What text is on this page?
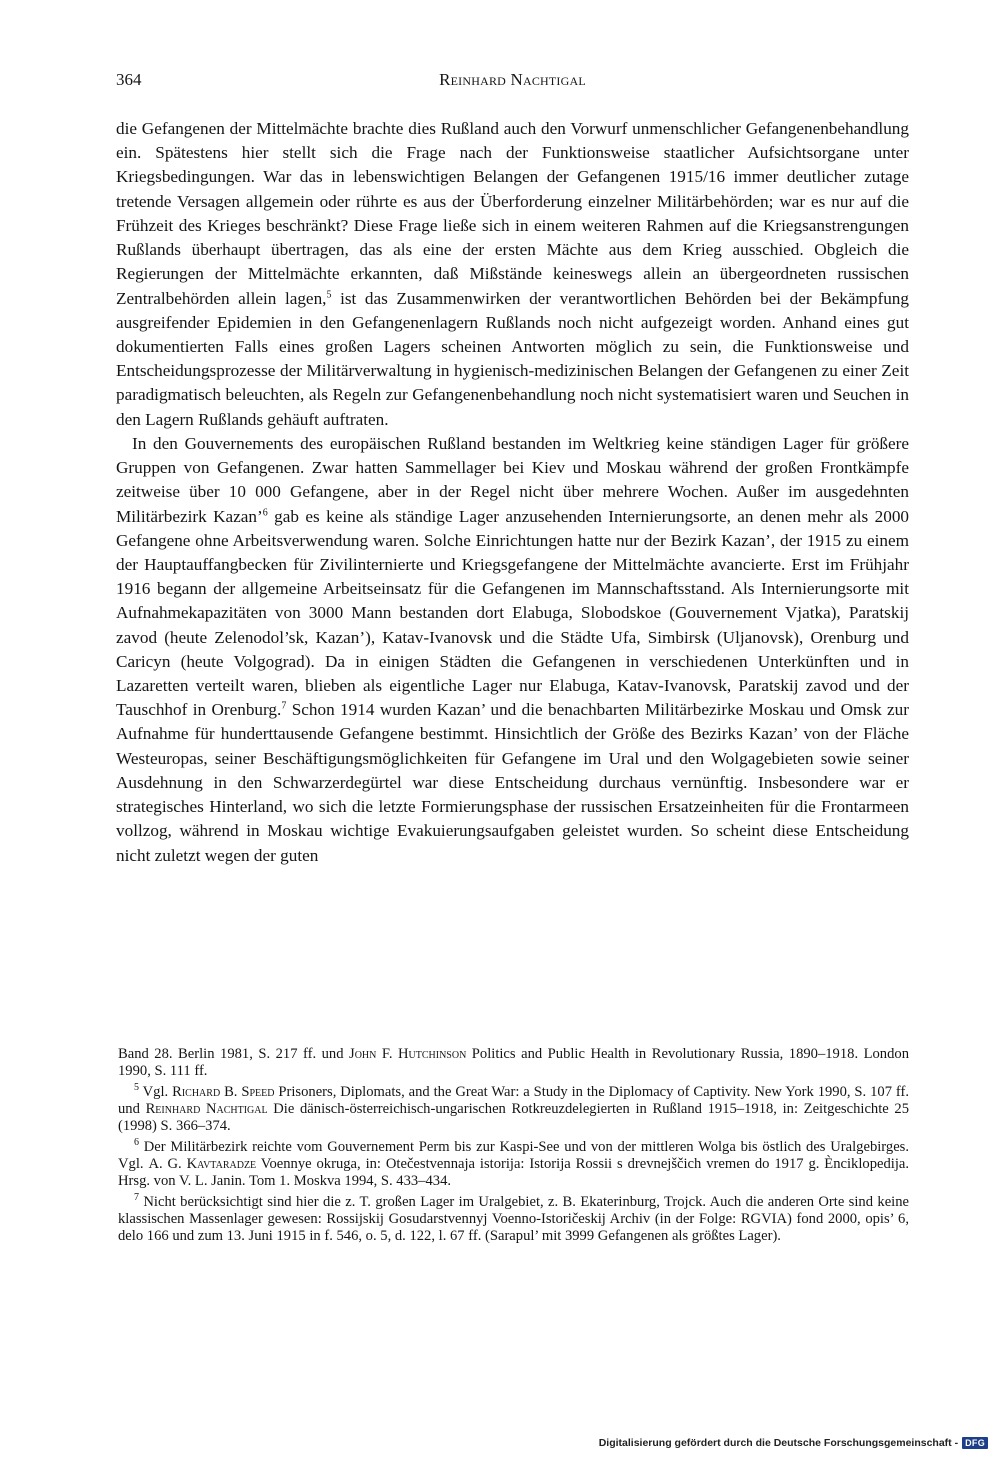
364	Reinhard Nachtigal

die Gefangenen der Mittelmächte brachte dies Rußland auch den Vorwurf unmenschlicher Gefangenenbehandlung ein. Spätestens hier stellt sich die Frage nach der Funktionsweise staatlicher Aufsichtsorgane unter Kriegsbedingungen. War das in lebenswichtigen Belangen der Gefangenen 1915/16 immer deutlicher zutage tretende Versagen allgemein oder rührte es aus der Überforderung einzelner Militärbehörden; war es nur auf die Frühzeit des Krieges beschränkt? Diese Frage ließe sich in einem weiteren Rahmen auf die Kriegsanstrengungen Rußlands überhaupt übertragen, das als eine der ersten Mächte aus dem Krieg ausschied. Obgleich die Regierungen der Mittelmächte erkannten, daß Mißstände keineswegs allein an übergeordneten russischen Zentralbehörden allein lagen,$^5$ ist das Zusammenwirken der verantwortlichen Behörden bei der Bekämpfung ausgreifender Epidemien in den Gefangenenlagern Rußlands noch nicht aufgezeigt worden. Anhand eines gut dokumentierten Falls eines großen Lagers scheinen Antworten möglich zu sein, die Funktionsweise und Entscheidungsprozesse der Militärverwaltung in hygienisch-medizinischen Belangen der Gefangenen zu einer Zeit paradigmatisch beleuchten, als Regeln zur Gefangenenbehandlung noch nicht systematisiert waren und Seuchen in den Lagern Rußlands gehäuft auftraten.

In den Gouvernements des europäischen Rußland bestanden im Weltkrieg keine ständigen Lager für größere Gruppen von Gefangenen. Zwar hatten Sammellager bei Kiev und Moskau während der großen Frontkämpfe zeitweise über 10 000 Gefangene, aber in der Regel nicht über mehrere Wochen. Außer im ausgedehnten Militärbezirk Kazan’$^6$ gab es keine als ständige Lager anzusehenden Internierungsorte, an denen mehr als 2000 Gefangene ohne Arbeitsverwendung waren. Solche Einrichtungen hatte nur der Bezirk Kazan’, der 1915 zu einem der Hauptauffangbecken für Zivilinternierte und Kriegsgefangene der Mittelmächte avancierte. Erst im Frühjahr 1916 begann der allgemeine Arbeitseinsatz für die Gefangenen im Mannschaftsstand. Als Internierungsorte mit Aufnahmekapazitäten von 3000 Mann bestanden dort Elabuga, Slobodskoe (Gouvernement Vjatka), Paratskij zavod (heute Zelenodol’sk, Kazan’), Katav-Ivanovsk und die Städte Ufa, Simbirsk (Uljanovsk), Orenburg und Caricyn (heute Volgograd). Da in einigen Städten die Gefangenen in verschiedenen Unterkünften und in Lazaretten verteilt waren, blieben als eigentliche Lager nur Elabuga, Katav-Ivanovsk, Paratskij zavod und der Tauschhof in Orenburg.$^7$ Schon 1914 wurden Kazan’ und die benachbarten Militärbezirke Moskau und Omsk zur Aufnahme für hunderttausende Gefangene bestimmt. Hinsichtlich der Größe des Bezirks Kazan’ von der Fläche Westeuropas, seiner Beschäftigungsmöglichkeiten für Gefangene im Ural und den Wolgagebieten sowie seiner Ausdehnung in den Schwarzerdegürtel war diese Entscheidung durchaus vernünftig. Insbesondere war er strategisches Hinterland, wo sich die letzte Formierungsphase der russischen Ersatzeinheiten für die Frontarmeen vollzog, während in Moskau wichtige Evakuierungsaufgaben geleistet wurden. So scheint diese Entscheidung nicht zuletzt wegen der guten

Band 28. Berlin 1981, S. 217 ff. und John F. Hutchinson Politics and Public Health in Revolutionary Russia, 1890–1918. London 1990, S. 111 ff.

$^5$ Vgl. Richard B. Speed Prisoners, Diplomats, and the Great War: a Study in the Diplomacy of Captivity. New York 1990, S. 107 ff. und Reinhard Nachtigal Die dänisch-österreichisch-ungarischen Rotkreuzdelegierten in Rußland 1915–1918, in: Zeitgeschichte 25 (1998) S. 366–374.

$^6$ Der Militärbezirk reichte vom Gouvernement Perm bis zur Kaspi-See und von der mittleren Wolga bis östlich des Uralgebirges. Vgl. A. G. Kavtaradze Voennye okruga, in: Otečestvennaja istorija: Istorija Rossii s drevnejščich vremen do 1917 g. Ènciklopedija. Hrsg. von V. L. Janin. Tom 1. Moskva 1994, S. 433–434.

$^7$ Nicht berücksichtigt sind hier die z. T. großen Lager im Uralgebiet, z. B. Ekaterinburg, Trojck. Auch die anderen Orte sind keine klassischen Massenlager gewesen: Rossijskij Gosudarstvennyj Voenno-Istoričeskij Archiv (in der Folge: RGVIA) fond 2000, opis’ 6, delo 166 und zum 13. Juni 1915 in f. 546, o. 5, d. 122, l. 67 ff. (Sarapul’ mit 3999 Gefangenen als größtes Lager).

Digitalisierung gefördert durch die Deutsche Forschungsgemeinschaft - DFG
